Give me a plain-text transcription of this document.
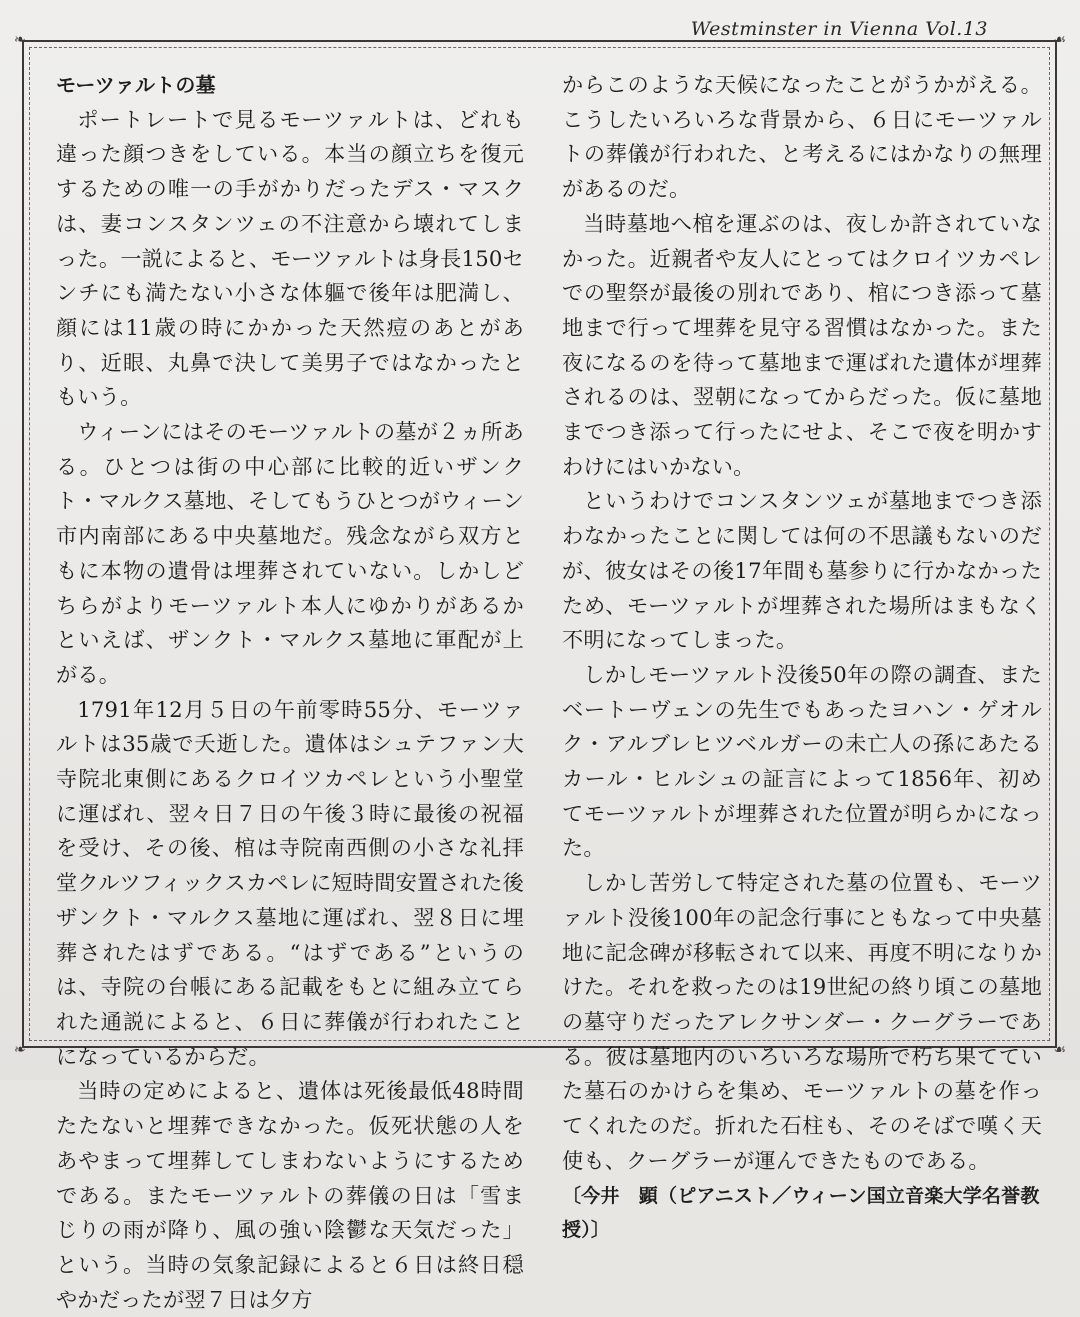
Westminster in Vienna Vol.13
❧	☙
❧	☙
モーツァルトの墓

ポートレートで見るモーツァルトは、どれも違った顔つきをしている。本当の顔立ちを復元するための唯一の手がかりだったデス・マスクは、妻コンスタンツェの不注意から壊れてしまった。一説によると、モーツァルトは身長150センチにも満たない小さな体軀で後年は肥満し、顔には11歳の時にかかった天然痘のあとがあり、近眼、丸鼻で決して美男子ではなかったともいう。

ウィーンにはそのモーツァルトの墓が２ヵ所ある。ひとつは街の中心部に比較的近いザンクト・マルクス墓地、そしてもうひとつがウィーン市内南部にある中央墓地だ。残念ながら双方ともに本物の遺骨は埋葬されていない。しかしどちらがよりモーツァルト本人にゆかりがあるかといえば、ザンクト・マルクス墓地に軍配が上がる。

1791年12月５日の午前零時55分、モーツァルトは35歳で夭逝した。遺体はシュテファン大寺院北東側にあるクロイツカペレという小聖堂に運ばれ、翌々日７日の午後３時に最後の祝福を受け、その後、棺は寺院南西側の小さな礼拝堂クルツフィックスカペレに短時間安置された後ザンクト・マルクス墓地に運ばれ、翌８日に埋葬されたはずである。“はずである”というのは、寺院の台帳にある記載をもとに組み立てられた通説によると、６日に葬儀が行われたことになっているからだ。

当時の定めによると、遺体は死後最低48時間たたないと埋葬できなかった。仮死状態の人をあやまって埋葬してしまわないようにするためである。またモーツァルトの葬儀の日は「雪まじりの雨が降り、風の強い陰鬱な天気だった」という。当時の気象記録によると６日は終日穏やかだったが翌７日は夕方

からこのような天候になったことがうかがえる。こうしたいろいろな背景から、６日にモーツァルトの葬儀が行われた、と考えるにはかなりの無理があるのだ。

当時墓地へ棺を運ぶのは、夜しか許されていなかった。近親者や友人にとってはクロイツカペレでの聖祭が最後の別れであり、棺につき添って墓地まで行って埋葬を見守る習慣はなかった。また夜になるのを待って墓地まで運ばれた遺体が埋葬されるのは、翌朝になってからだった。仮に墓地までつき添って行ったにせよ、そこで夜を明かすわけにはいかない。

というわけでコンスタンツェが墓地までつき添わなかったことに関しては何の不思議もないのだが、彼女はその後17年間も墓参りに行かなかったため、モーツァルトが埋葬された場所はまもなく不明になってしまった。

しかしモーツァルト没後50年の際の調査、またベートーヴェンの先生でもあったヨハン・ゲオルク・アルブレヒツベルガーの未亡人の孫にあたるカール・ヒルシュの証言によって1856年、初めてモーツァルトが埋葬された位置が明らかになった。

しかし苦労して特定された墓の位置も、モーツァルト没後100年の記念行事にともなって中央墓地に記念碑が移転されて以来、再度不明になりかけた。それを救ったのは19世紀の終り頃この墓地の墓守りだったアレクサンダー・クーグラーである。彼は墓地内のいろいろな場所で朽ち果てていた墓石のかけらを集め、モーツァルトの墓を作ってくれたのだ。折れた石柱も、そのそばで嘆く天使も、クーグラーが運んできたものである。

〔今井　顕（ピアニスト／ウィーン国立音楽大学名誉教授）〕
